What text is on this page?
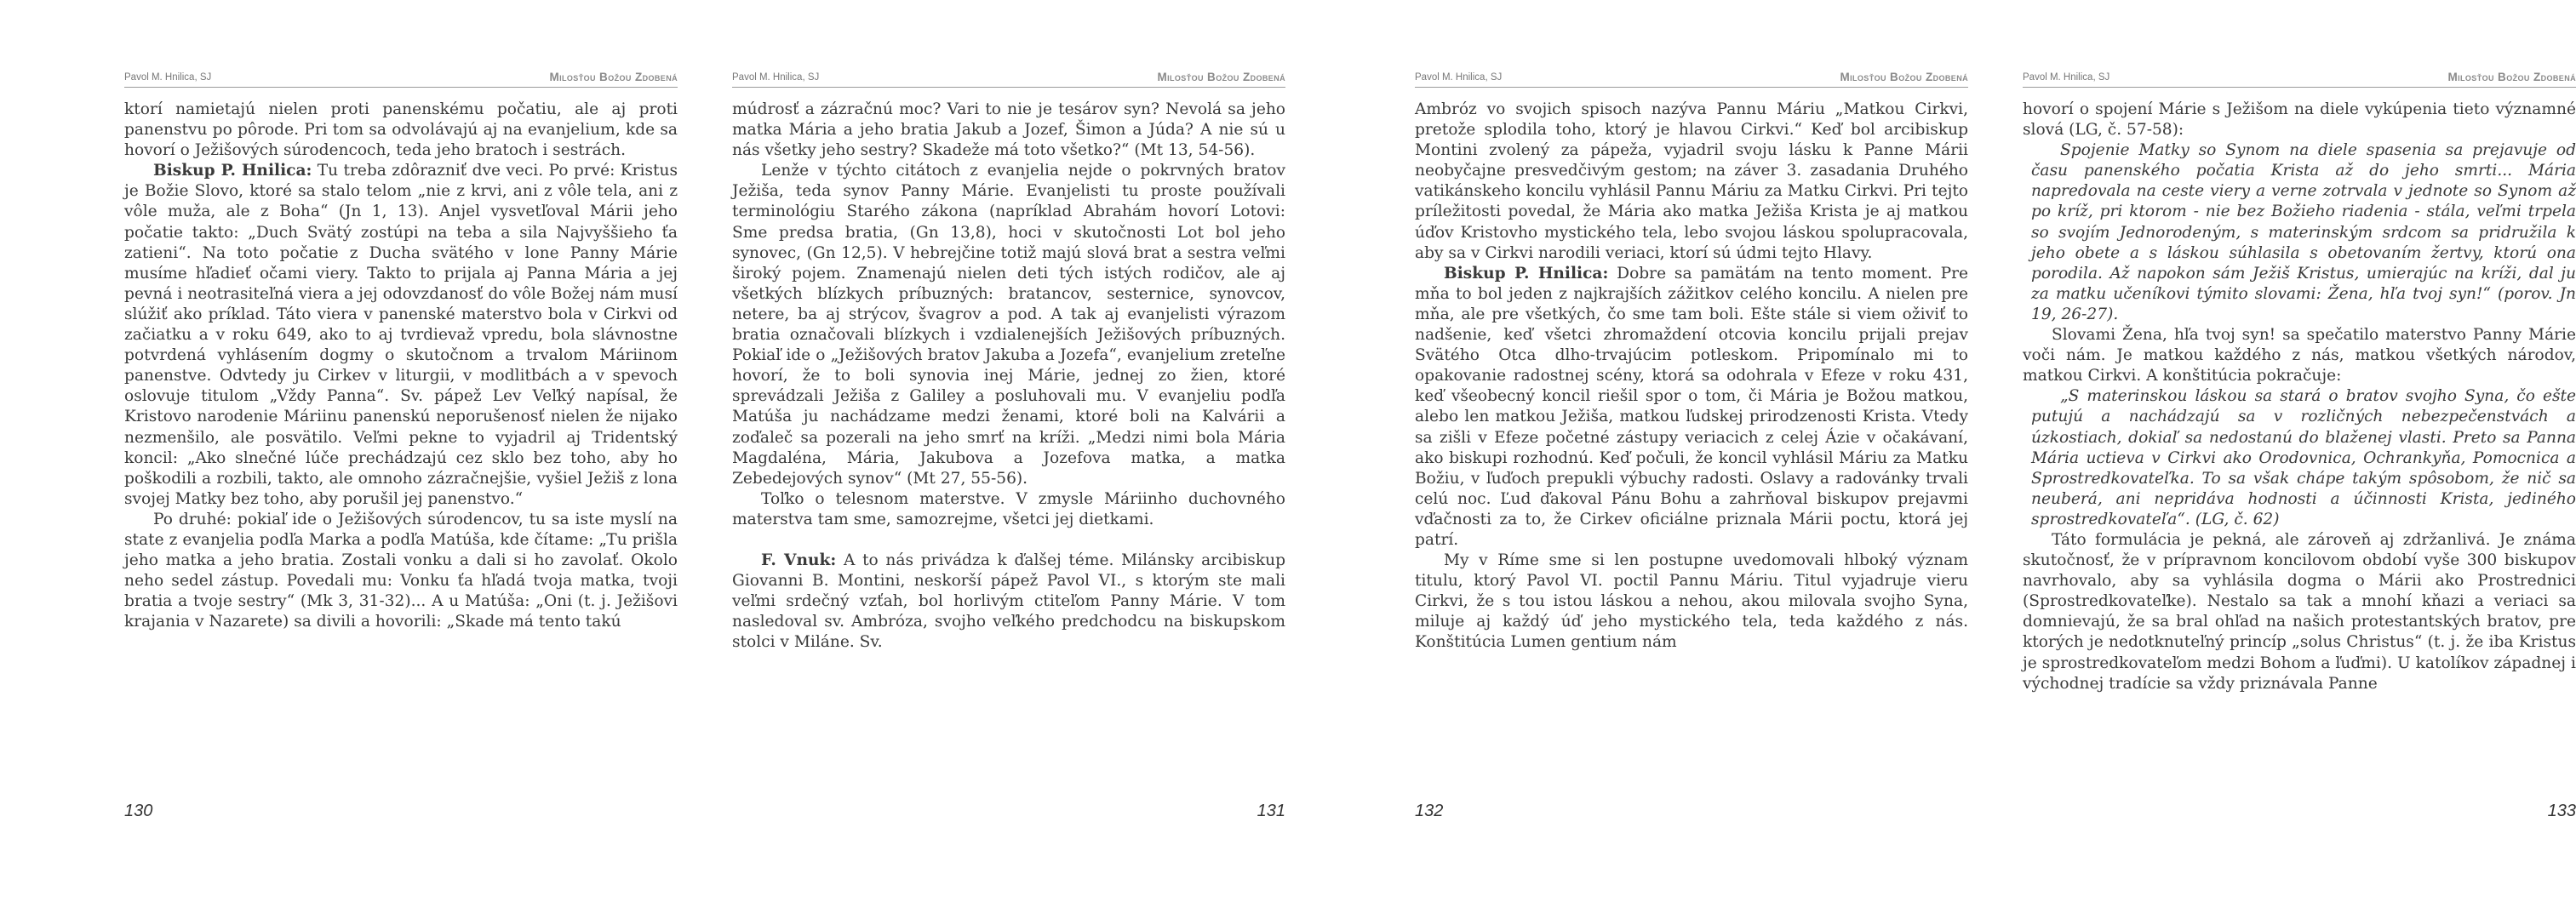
Pavol M. Hnilica, SJ	Milosťou Božou Zdobená

ktorí namietajú nielen proti panenskému počatiu, ale aj proti panenstvu po pôrode. Pri tom sa odvolávajú aj na evanjelium, kde sa hovorí o Ježišových súrodencoch, teda jeho bratoch i sestrách.

Biskup P. Hnilica: Tu treba zdôrazniť dve veci. Po prvé: Kristus je Božie Slovo, ktoré sa stalo telom „nie z krvi, ani z vôle tela, ani z vôle muža, ale z Boha“ (Jn 1, 13). Anjel vysvetľoval Márii jeho počatie takto: „Duch Svätý zostúpi na teba a sila Najvyššieho ťa zatieni“. Na toto počatie z Ducha svätého v lone Panny Márie musíme hľadieť očami viery. Takto to prijala aj Panna Mária a jej pevná i neotrasiteľná viera a jej odovzdanosť do vôle Božej nám musí slúžiť ako príklad. Táto viera v panenské materstvo bola v Cirkvi od začiatku a v roku 649, ako to aj tvrdievaž vpredu, bola slávnostne potvrdená vyhlásením dogmy o skutočnom a trvalom Máriinom panenstve. Odvtedy ju Cirkev v liturgii, v modlitbách a v spevoch oslovuje titulom „Vždy Panna“. Sv. pápež Lev Veľký napísal, že Kristovo narodenie Máriinu panenskú neporušenosť nielen že nijako nezmenšilo, ale posvätilo. Veľmi pekne to vyjadril aj Tridentský koncil: „Ako slnečné lúče prechádzajú cez sklo bez toho, aby ho poškodili a rozbili, takto, ale omnoho zázračnejšie, vyšiel Ježiš z lona svojej Matky bez toho, aby porušil jej panenstvo.“

Po druhé: pokiaľ ide o Ježišových súrodencov, tu sa iste myslí na state z evanjelia podľa Marka a podľa Matúša, kde čítame: „Tu prišla jeho matka a jeho bratia. Zostali vonku a dali si ho zavolať. Okolo neho sedel zástup. Povedali mu: Vonku ťa hľadá tvoja matka, tvoji bratia a tvoje sestry“ (Mk 3, 31-32)... A u Matúša: „Oni (t. j. Ježišovi krajania v Nazarete) sa divili a hovorili: „Skade má tento takú

130
Pavol M. Hnilica, SJ	Milosťou Božou Zdobená

múdrosť a zázračnú moc? Vari to nie je tesárov syn? Nevolá sa jeho matka Mária a jeho bratia Jakub a Jozef, Šimon a Júda? A nie sú u nás všetky jeho sestry? Skadeže má toto všetko?“ (Mt 13, 54-56).

Lenže v týchto citátoch z evanjelia nejde o pokrvných bratov Ježiša, teda synov Panny Márie. Evanjelisti tu proste používali terminológiu Starého zákona (napríklad Abrahám hovorí Lotovi: Sme predsa bratia, (Gn 13,8), hoci v skutočnosti Lot bol jeho synovec, (Gn 12,5). V hebrejčine totiž majú slová brat a sestra veľmi široký pojem. Znamenajú nielen deti tých istých rodičov, ale aj všetkých blízkych príbuzných: bratancov, sesternice, synovcov, netere, ba aj strýcov, švagrov a pod. A tak aj evanjelisti výrazom bratia označovali blízkych i vzdialenejších Ježišových príbuzných. Pokiaľ ide o „Ježišových bratov Jakuba a Jozefa“, evanjelium zreteľne hovorí, že to boli synovia inej Márie, jednej zo žien, ktoré sprevádzali Ježiša z Galiley a posluhovali mu. V evanjeliu podľa Matúša ju nachádzame medzi ženami, ktoré boli na Kalvárii a zoďaleč sa pozerali na jeho smrť na kríži. „Medzi nimi bola Mária Magdaléna, Mária, Jakubova a Jozefova matka, a matka Zebedejových synov“ (Mt 27, 55-56).

Toľko o telesnom materstve. V zmysle Máriinho duchovného materstva tam sme, samozrejme, všetci jej dietkami.

F. Vnuk: A to nás privádza k ďalšej téme. Milánsky arcibiskup Giovanni B. Montini, neskorší pápež Pavol VI., s ktorým ste mali veľmi srdečný vzťah, bol horlivým ctiteľom Panny Márie. V tom nasledoval sv. Ambróza, svojho veľkého predchodcu na biskupskom stolci v Miláne. Sv.

131
Pavol M. Hnilica, SJ	Milosťou Božou Zdobená

Ambróz vo svojich spisoch nazýva Pannu Máriu „Matkou Cirkvi, pretože splodila toho, ktorý je hlavou Cirkvi.“ Keď bol arcibiskup Montini zvolený za pápeža, vyjadril svoju lásku k Panne Márii neobyčajne presvedčivým gestom; na záver 3. zasadania Druhého vatikánskeho koncilu vyhlásil Pannu Máriu za Matku Cirkvi. Pri tejto príležitosti povedal, že Mária ako matka Ježiša Krista je aj matkou úďov Kristovho mystického tela, lebo svojou láskou spolupracovala, aby sa v Cirkvi narodili veriaci, ktorí sú údmi tejto Hlavy.

Biskup P. Hnilica: Dobre sa pamätám na tento moment. Pre mňa to bol jeden z najkrajších zážitkov celého koncilu. A nielen pre mňa, ale pre všetkých, čo sme tam boli. Ešte stále si viem oživiť to nadšenie, keď všetci zhromaždení otcovia koncilu prijali prejav Svätého Otca dlho-trvajúcim potleskom. Pripomínalo mi to opakovanie radostnej scény, ktorá sa odohrala v Efeze v roku 431, keď všeobecný koncil riešil spor o tom, či Mária je Božou matkou, alebo len matkou Ježiša, matkou ľudskej prirodzenosti Krista. Vtedy sa zišli v Efeze početné zástupy veriacich z celej Ázie v očakávaní, ako biskupi rozhodnú. Keď počuli, že koncil vyhlásil Máriu za Matku Božiu, v ľuďoch prepukli výbuchy radosti. Oslavy a radovánky trvali celú noc. Ľud ďakoval Pánu Bohu a zahrňoval biskupov prejavmi vďačnosti za to, že Cirkev oficiálne priznala Márii poctu, ktorá jej patrí.

My v Ríme sme si len postupne uvedomovali hlboký význam titulu, ktorý Pavol VI. poctil Pannu Máriu. Titul vyjadruje vieru Cirkvi, že s tou istou láskou a nehou, akou milovala svojho Syna, miluje aj každý úď jeho mystického tela, teda každého z nás. Konštitúcia Lumen gentium nám

132
Pavol M. Hnilica, SJ	Milosťou Božou Zdobená

hovorí o spojení Márie s Ježišom na diele vykúpenia tieto významné slová (LG, č. 57-58):

Spojenie Matky so Synom na diele spasenia sa prejavuje od času panenského počatia Krista až do jeho smrti... Mária napredovala na ceste viery a verne zotrvala v jednote so Synom až po kríž, pri ktorom - nie bez Božieho riadenia - stála, veľmi trpela so svojím Jednorodeným, s materinským srdcom sa pridružila k jeho obete a s láskou súhlasila s obetovaním žertvy, ktorú ona porodila. Až napokon sám Ježiš Kristus, umierajúc na kríži, dal ju za matku učeníkovi týmito slovami: Žena, hľa tvoj syn!“ (porov. Jn 19, 26-27).

Slovami Žena, hľa tvoj syn! sa spečatilo materstvo Panny Márie voči nám. Je matkou každého z nás, matkou všetkých národov, matkou Cirkvi. A konštitúcia pokračuje:

„S materinskou láskou sa stará o bratov svojho Syna, čo ešte putujú a nachádzajú sa v rozličných nebezpečenstvách a úzkostiach, dokiaľ sa nedostanú do blaženej vlasti. Preto sa Panna Mária uctieva v Cirkvi ako Orodovnica, Ochrankyňa, Pomocnica a Sprostredkovateľka. To sa však chápe takým spôsobom, že nič sa neuberá, ani nepridáva hodnosti a účinnosti Krista, jediného sprostredkovateľa“. (LG, č. 62)

Táto formulácia je pekná, ale zároveň aj zdržanlivá. Je známa skutočnosť, že v prípravnom koncilovom období vyše 300 biskupov navrhovalo, aby sa vyhlásila dogma o Márii ako Prostrednici (Sprostredkovateľke). Nestalo sa tak a mnohí kňazi a veriaci sa domnievajú, že sa bral ohľad na našich protestantských bratov, pre ktorých je nedotknuteľný princíp „solus Christus“ (t. j. že iba Kristus je sprostredkovateľom medzi Bohom a ľuďmi). U katolíkov západnej i východnej tradície sa vždy priznávala Panne

133
